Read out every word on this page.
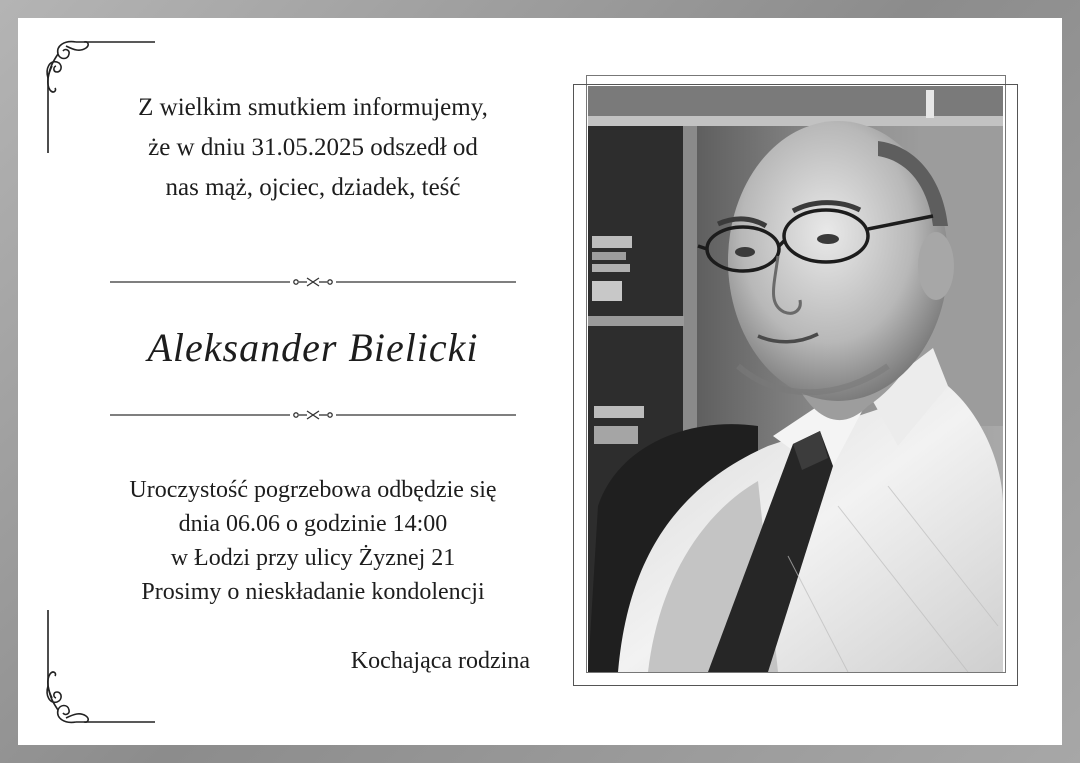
Z wielkim smutkiem informujemy,
że w dniu 31.05.2025 odszedł od
nas mąż, ojciec, dziadek, teść
Aleksander Bielicki
Uroczystość pogrzebowa odbędzie się
dnia 06.06 o godzinie 14:00
w Łodzi przy ulicy Żyznej 21
Prosimy o nieskładanie kondolencji
Kochająca rodzina
